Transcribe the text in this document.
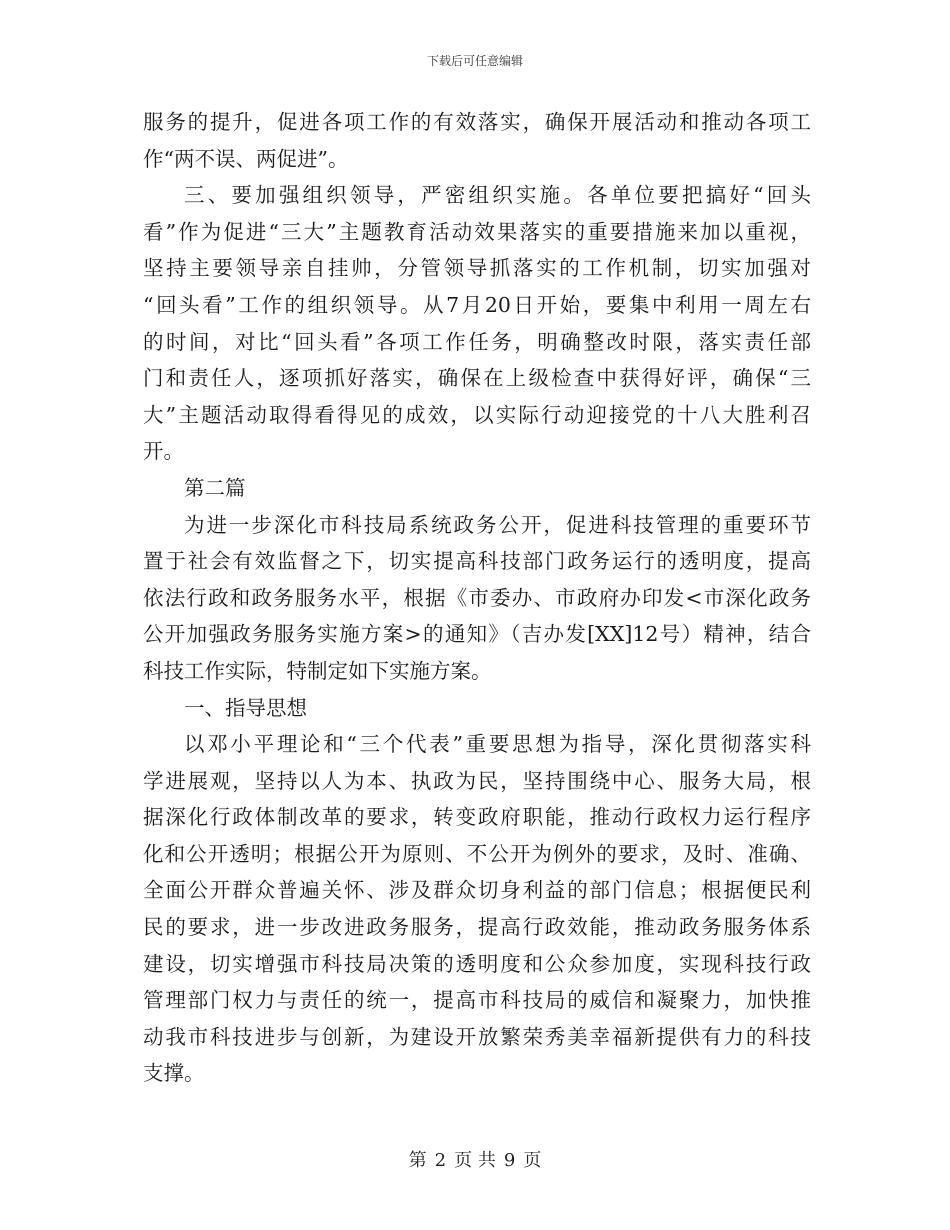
下载后可任意编辑
服务的提升，促进各项工作的有效落实，确保开展活动和推动各项工
作“两不误、两促进”。
三、要加强组织领导，严密组织实施。各单位要把搞好“回头
看”作为促进“三大”主题教育活动效果落实的重要措施来加以重视，
坚持主要领导亲自挂帅，分管领导抓落实的工作机制，切实加强对
“回头看”工作的组织领导。从7月20日开始，要集中利用一周左右
的时间，对比“回头看”各项工作任务，明确整改时限，落实责任部
门和责任人，逐项抓好落实，确保在上级检查中获得好评，确保“三
大”主题活动取得看得见的成效，以实际行动迎接党的十八大胜利召
开。
第二篇
为进一步深化市科技局系统政务公开，促进科技管理的重要环节
置于社会有效监督之下，切实提高科技部门政务运行的透明度，提高
依法行政和政务服务水平，根据《市委办、市政府办印发<市深化政务
公开加强政务服务实施方案>的通知》（吉办发[XX]12号）精神，结合
科技工作实际，特制定如下实施方案。
一、指导思想
以邓小平理论和“三个代表”重要思想为指导，深化贯彻落实科
学进展观，坚持以人为本、执政为民，坚持围绕中心、服务大局，根
据深化行政体制改革的要求，转变政府职能，推动行政权力运行程序
化和公开透明；根据公开为原则、不公开为例外的要求，及时、准确、
全面公开群众普遍关怀、涉及群众切身利益的部门信息；根据便民利
民的要求，进一步改进政务服务，提高行政效能，推动政务服务体系
建设，切实增强市科技局决策的透明度和公众参加度，实现科技行政
管理部门权力与责任的统一，提高市科技局的威信和凝聚力，加快推
动我市科技进步与创新，为建设开放繁荣秀美幸福新提供有力的科技
支撑。
第 2 页 共 9 页
